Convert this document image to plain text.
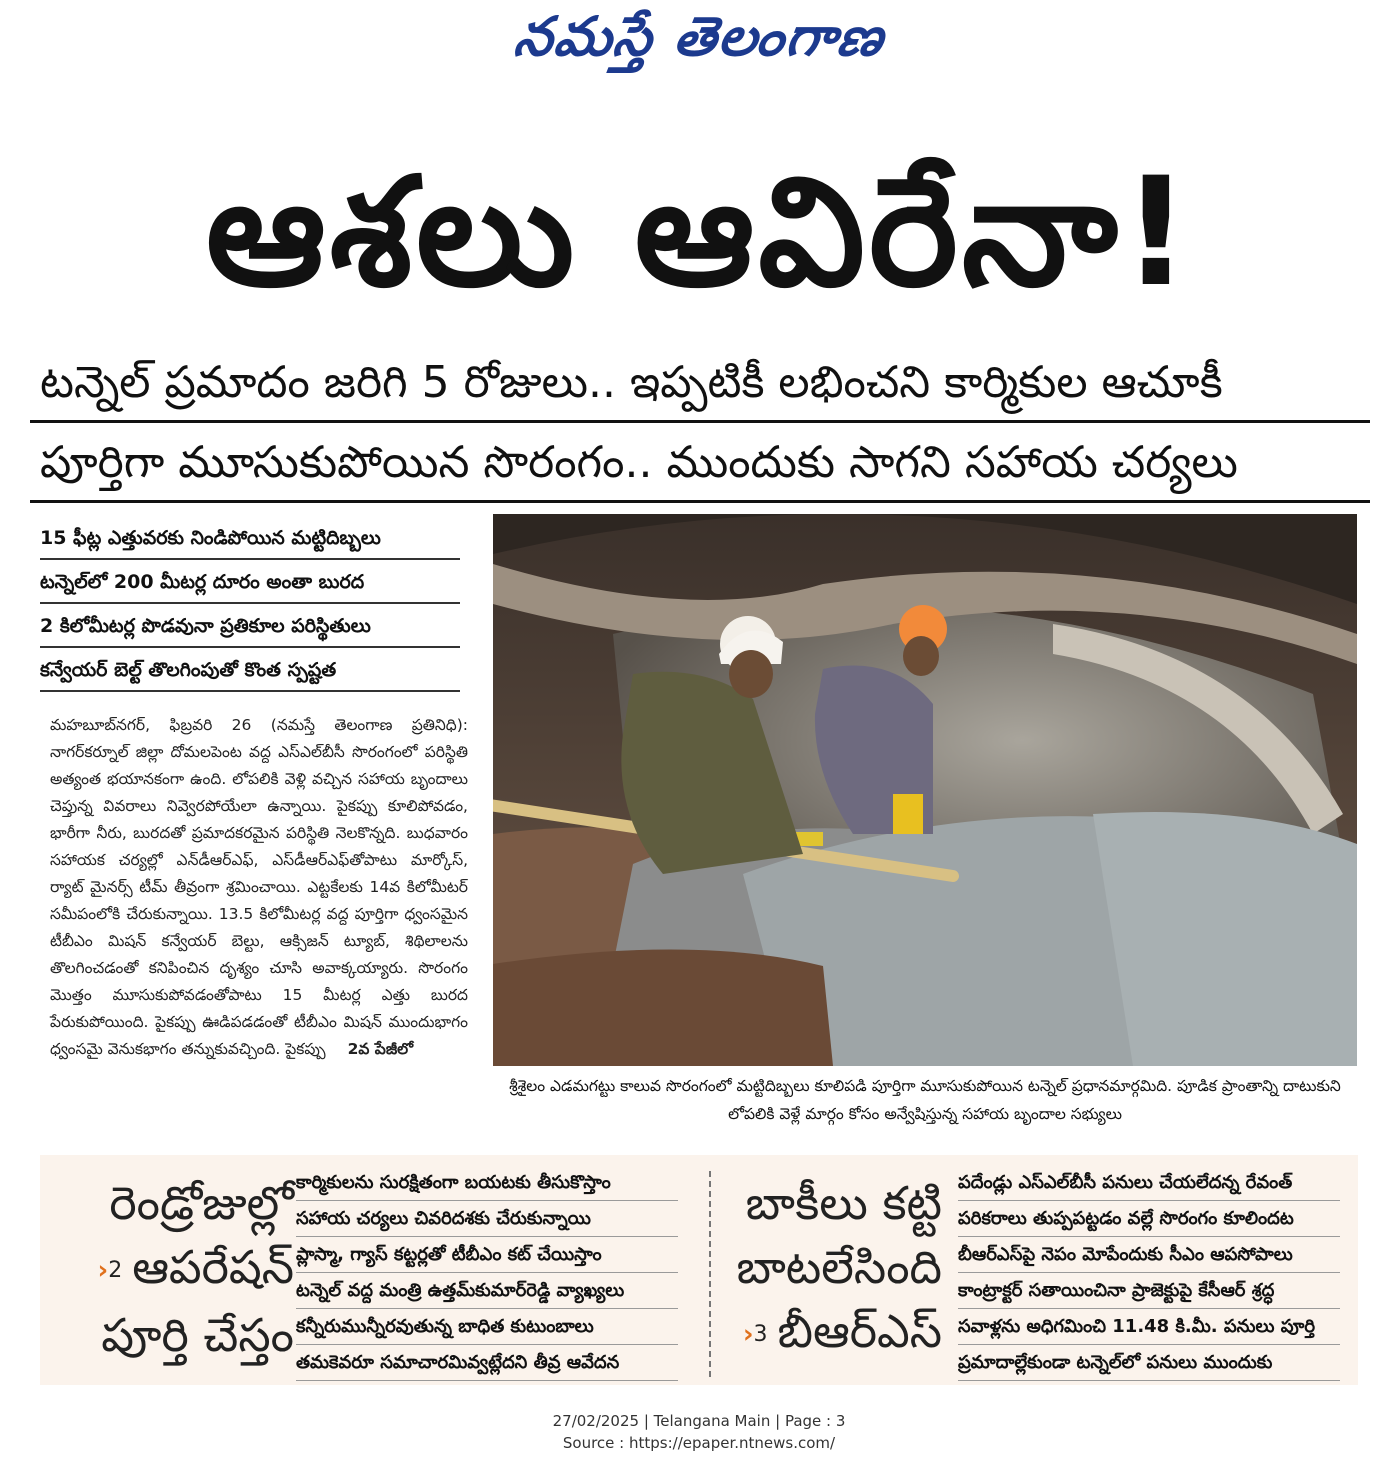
నమస్తే తెలంగాణ
ఆశలు ఆవిరేనా!
టన్నెల్ ప్రమాదం జరిగి 5 రోజులు.. ఇప్పటికీ లభించని కార్మికుల ఆచూకీ
పూర్తిగా మూసుకుపోయిన సొరంగం.. ముందుకు సాగని సహాయ చర్యలు
15 ఫీట్ల ఎత్తువరకు నిండిపోయిన మట్టిదిబ్బలు
టన్నెల్‌లో 200 మీటర్ల దూరం అంతా బురద
2 కిలోమీటర్ల పొడవునా ప్రతికూల పరిస్థితులు
కన్వేయర్ బెల్ట్ తొలగింపుతో కొంత స్పష్టత
మహబూబ్‌నగర్, ఫిబ్రవరి 26 (నమస్తే తెలంగాణ ప్రతినిధి): నాగర్‌కర్నూల్ జిల్లా దోమలపెంట వద్ద ఎస్‌ఎల్‌బీసీ సొరంగంలో పరిస్థితి అత్యంత భయానకంగా ఉంది. లోపలికి వెళ్లి వచ్చిన సహాయ బృందాలు చెప్తున్న వివరాలు నివ్వెరపోయేలా ఉన్నాయి. పైకప్పు కూలిపోవడం, భారీగా నీరు, బురదతో ప్రమాదకరమైన పరిస్థితి నెలకొన్నది. బుధవారం సహాయక చర్యల్లో ఎన్‌డీఆర్‌ఎఫ్, ఎస్‌డీఆర్‌ఎఫ్‌తోపాటు మార్కోస్, ర్యాట్ మైనర్స్ టీమ్ తీవ్రంగా శ్రమించాయి. ఎట్టకేలకు 14వ కిలోమీటర్ సమీపంలోకి చేరుకున్నాయి. 13.5 కిలోమీటర్ల వద్ద పూర్తిగా ధ్వంసమైన టీబీఎం మిషన్ కన్వేయర్ బెల్టు, ఆక్సిజన్ ట్యూబ్, శిథిలాలను తొలగించడంతో కనిపించిన దృశ్యం చూసి అవాక్కయ్యారు. సొరంగం మొత్తం మూసుకుపోవడంతోపాటు 15 మీటర్ల ఎత్తు బురద పేరుకుపోయింది. పైకప్పు ఊడిపడడంతో టీబీఎం మిషన్ ముందుభాగం ధ్వంసమై వెనుకభాగం తన్నుకువచ్చింది. పైకప్పు 2వ పేజీలో
శ్రీశైలం ఎడమగట్టు కాలువ సొరంగంలో మట్టిదిబ్బలు కూలిపడి పూర్తిగా మూసుకుపోయిన టన్నెల్ ప్రధానమార్గమిది. పూడిక ప్రాంతాన్ని దాటుకుని లోపలికి వెళ్లే మార్గం కోసం అన్వేషిస్తున్న సహాయ బృందాల సభ్యులు
రెండ్రోజుల్లో
›2 ఆపరేషన్
పూర్తి చేస్తం
కార్మికులను సురక్షితంగా బయటకు తీసుకొస్తాం
సహాయ చర్యలు చివరిదశకు చేరుకున్నాయి
ప్లాస్మా, గ్యాస్ కట్టర్లతో టీబీఎం కట్ చేయిస్తాం
టన్నెల్ వద్ద మంత్రి ఉత్తమ్‌కుమార్‌రెడ్డి వ్యాఖ్యలు
కన్నీరుమున్నీరవుతున్న బాధిత కుటుంబాలు
తమకెవరూ సమాచారమివ్వట్లేదని తీవ్ర ఆవేదన
బాకీలు కట్టి
బాటలేసింది
›3 బీఆర్‌ఎస్
పదేండ్లు ఎస్‌ఎల్‌బీసీ పనులు చేయలేదన్న రేవంత్
పరికరాలు తుప్పపట్టడం వల్లే సొరంగం కూలిందట
బీఆర్‌ఎస్‌పై నెపం మోపేందుకు సీఎం ఆపసోపాలు
కాంట్రాక్టర్ సతాయించినా ప్రాజెక్టుపై కేసీఆర్ శ్రద్ధ
సవాళ్లను అధిగమించి 11.48 కి.మీ. పనులు పూర్తి
ప్రమాదాల్లేకుండా టన్నెల్‌లో పనులు ముందుకు
27/02/2025 | Telangana Main | Page : 3
Source : https://epaper.ntnews.com/
